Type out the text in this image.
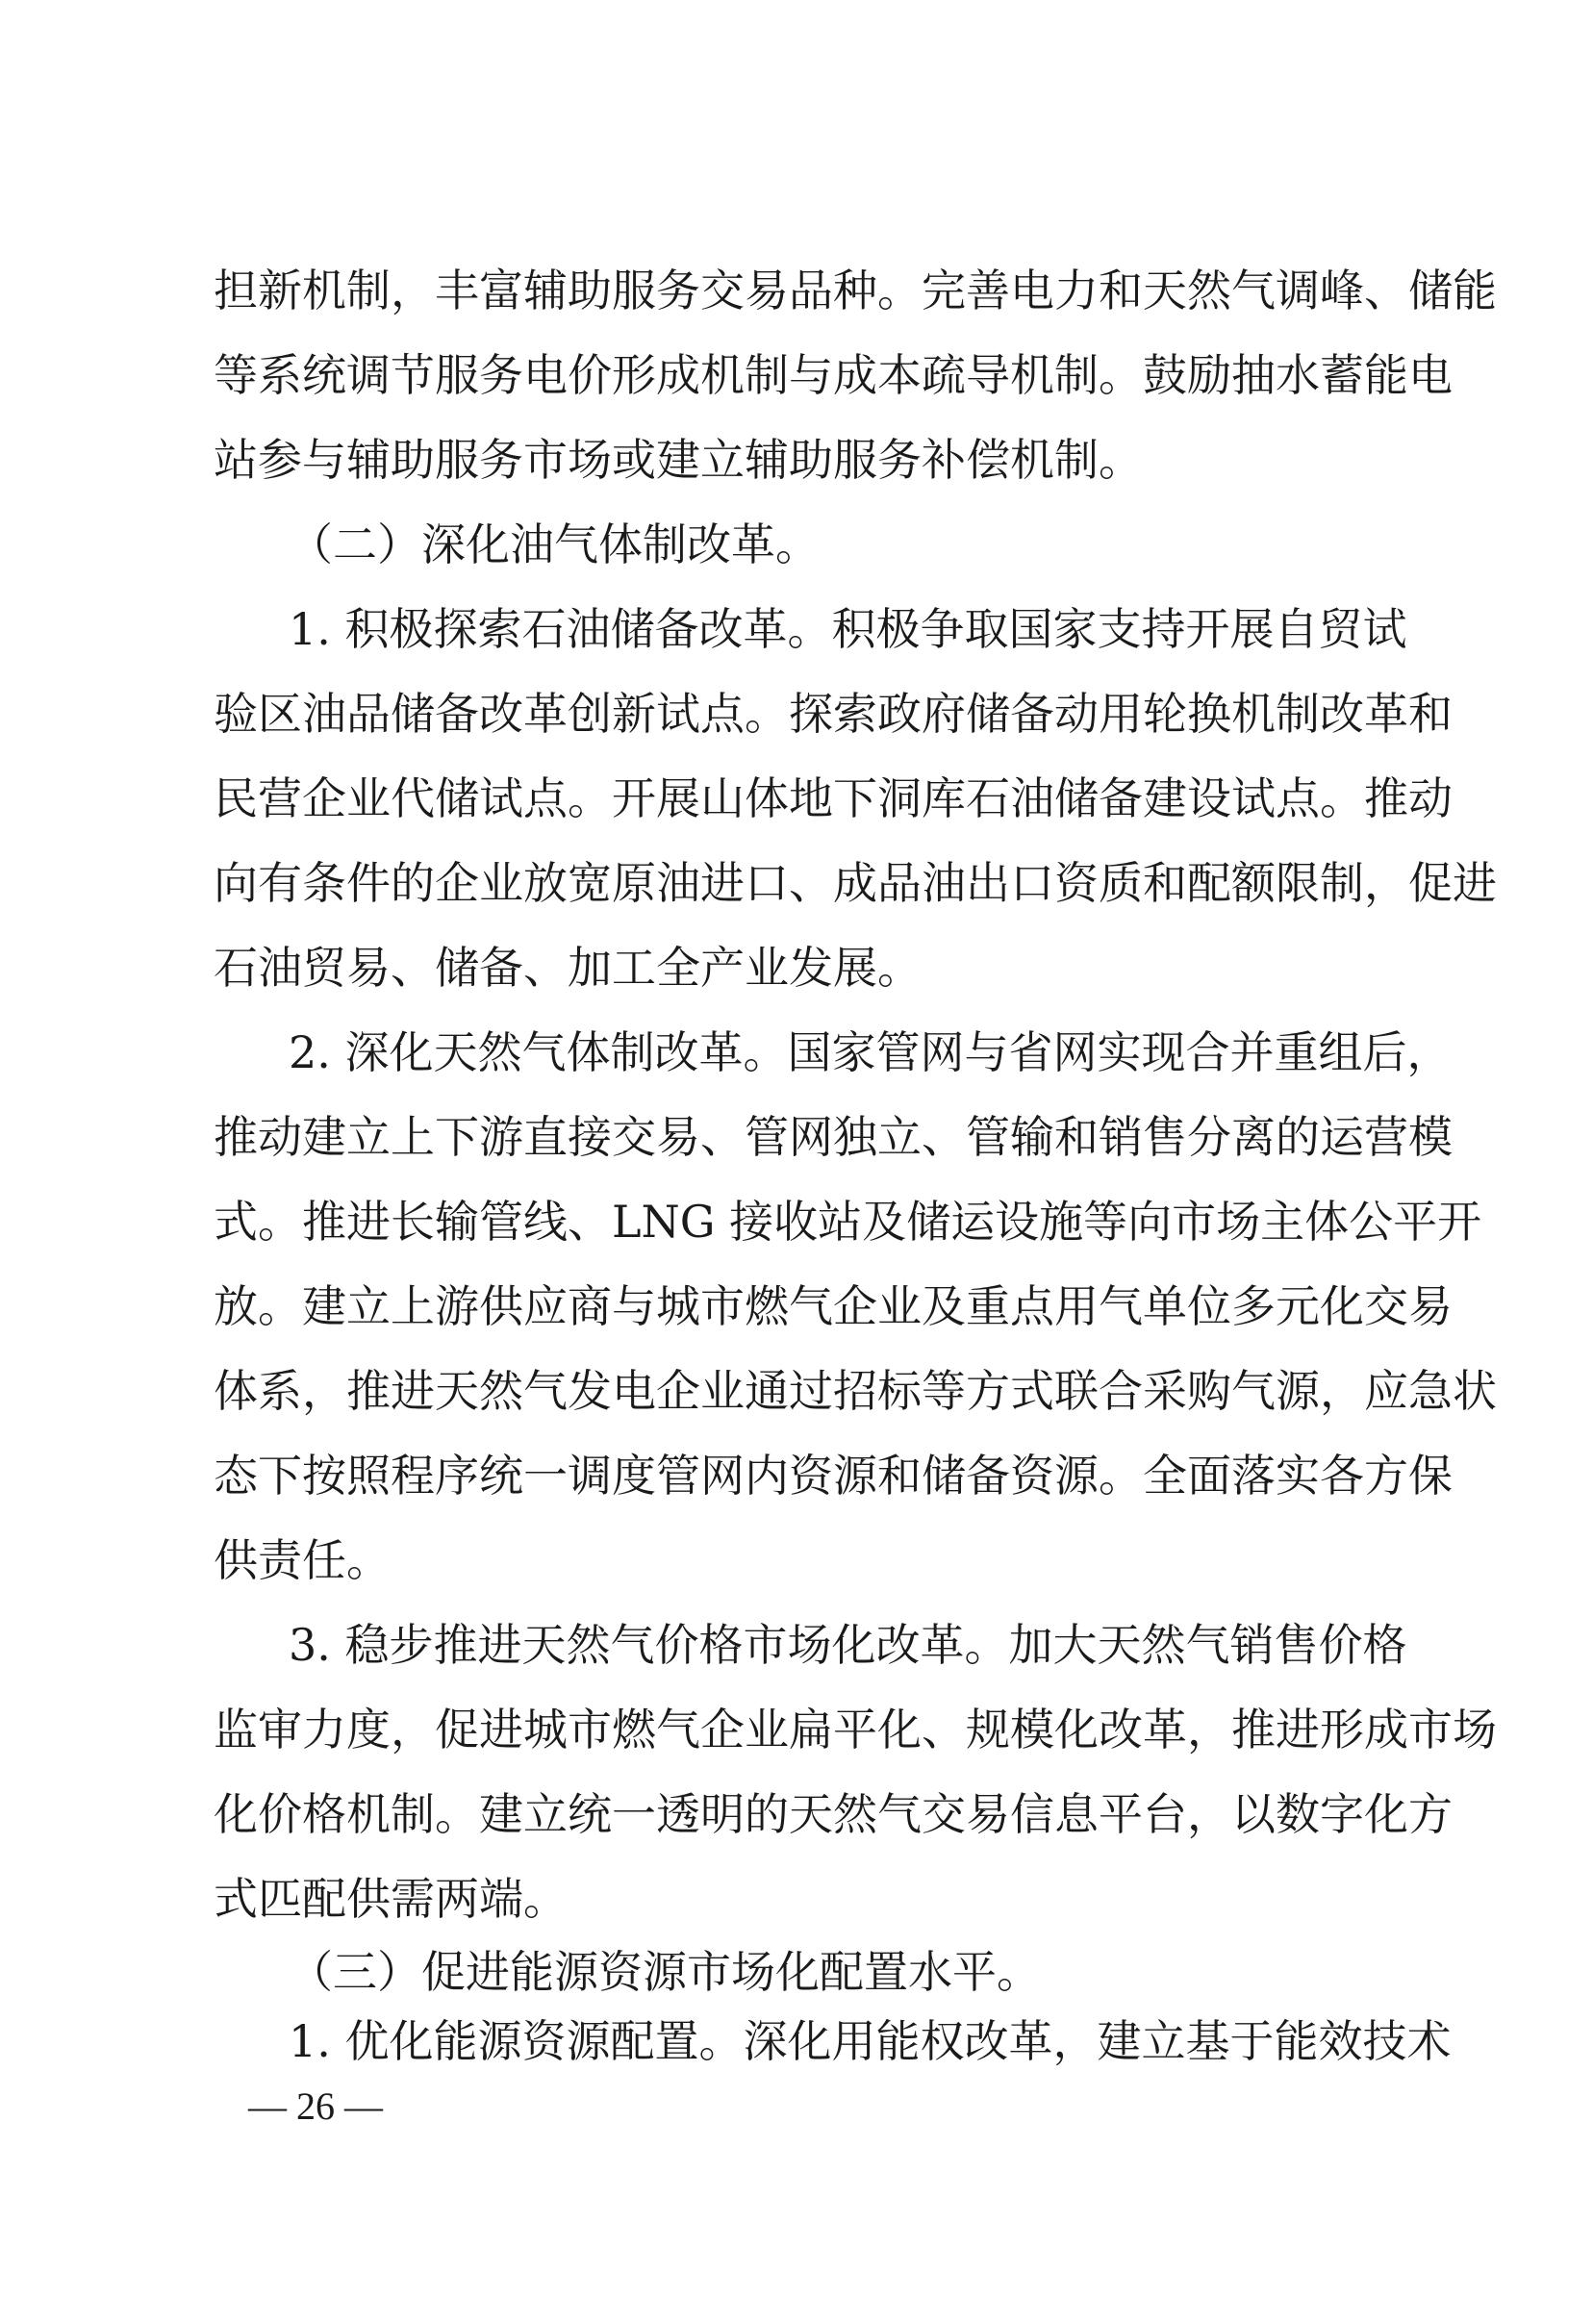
担新机制，丰富辅助服务交易品种。完善电力和天然气调峰、储能
等系统调节服务电价形成机制与成本疏导机制。鼓励抽水蓄能电
站参与辅助服务市场或建立辅助服务补偿机制。
（二）深化油气体制改革。
1. 积极探索石油储备改革。积极争取国家支持开展自贸试
验区油品储备改革创新试点。探索政府储备动用轮换机制改革和
民营企业代储试点。开展山体地下洞库石油储备建设试点。推动
向有条件的企业放宽原油进口、成品油出口资质和配额限制，促进
石油贸易、储备、加工全产业发展。
2. 深化天然气体制改革。国家管网与省网实现合并重组后，
推动建立上下游直接交易、管网独立、管输和销售分离的运营模
式。推进长输管线、LNG 接收站及储运设施等向市场主体公平开
放。建立上游供应商与城市燃气企业及重点用气单位多元化交易
体系，推进天然气发电企业通过招标等方式联合采购气源，应急状
态下按照程序统一调度管网内资源和储备资源。全面落实各方保
供责任。
3. 稳步推进天然气价格市场化改革。加大天然气销售价格
监审力度，促进城市燃气企业扁平化、规模化改革，推进形成市场
化价格机制。建立统一透明的天然气交易信息平台，以数字化方
式匹配供需两端。
（三）促进能源资源市场化配置水平。
1. 优化能源资源配置。深化用能权改革，建立基于能效技术
— 26 —
